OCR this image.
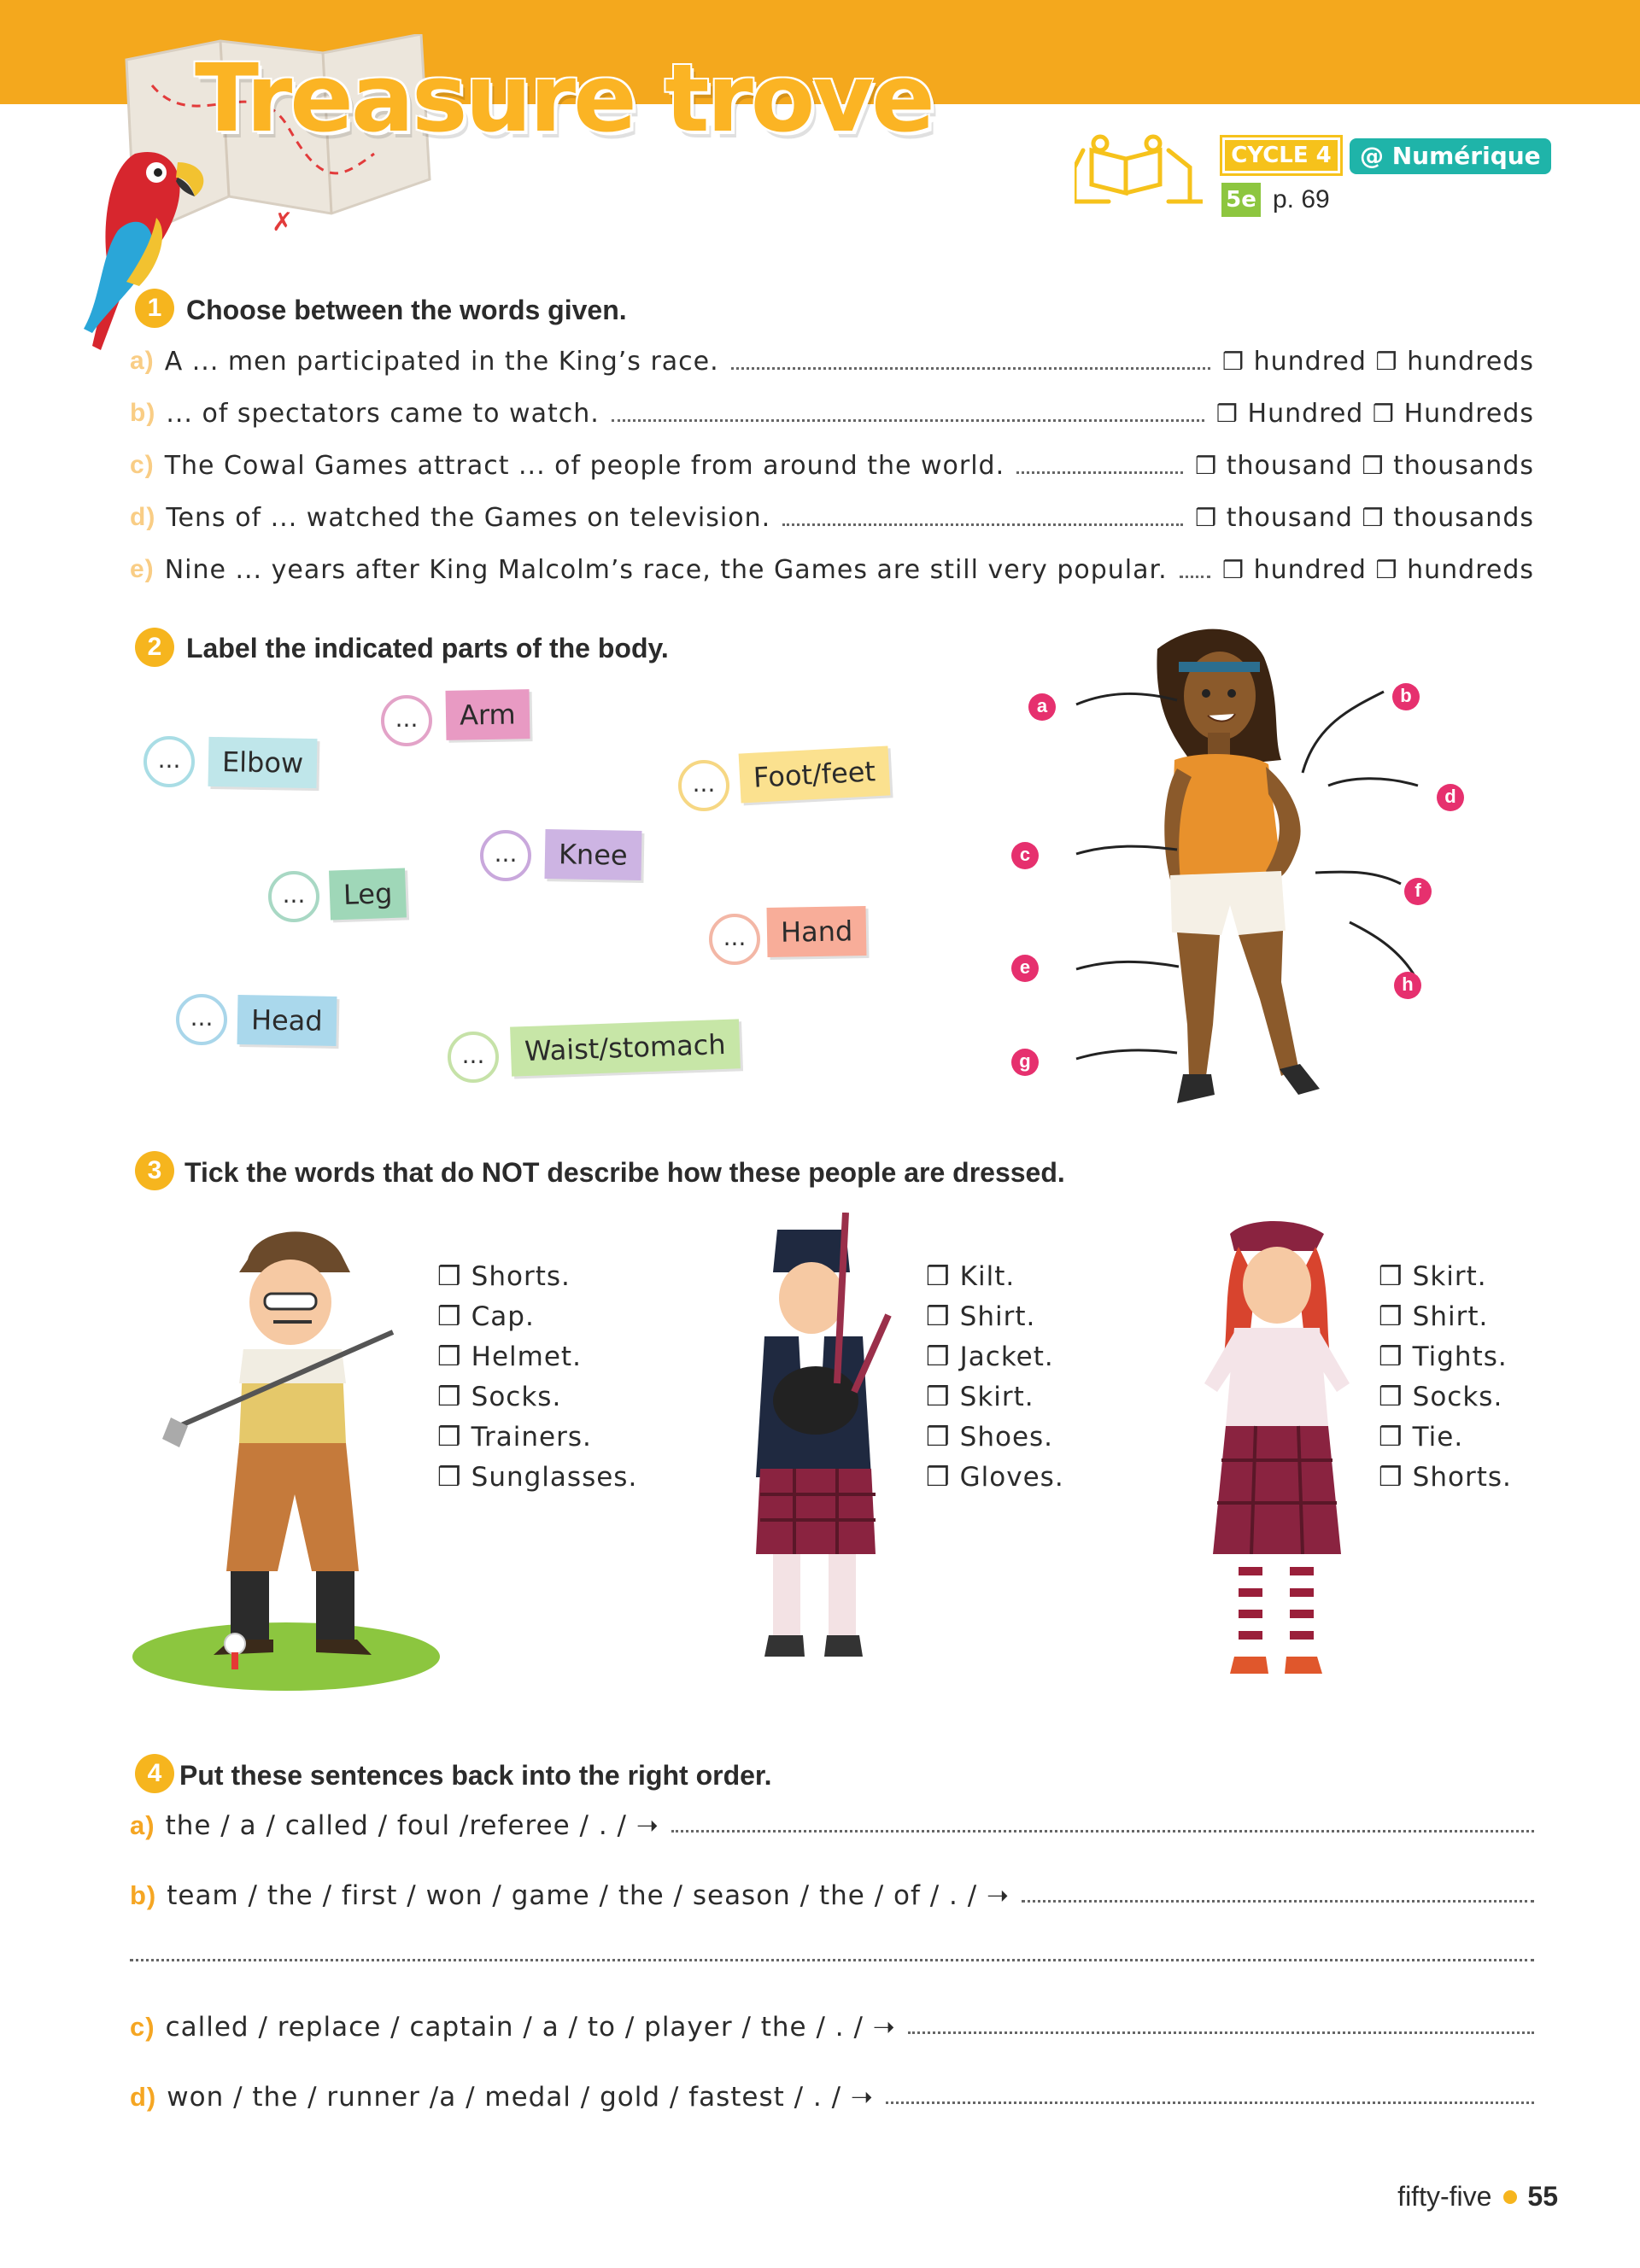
✗
Treasure trove
CYCLE 4	@ Numérique
5e p. 69
1 Choose between the words given.
a) A ... men participated in the King’s race.	❒ hundred ❒ hundreds
b) ... of spectators came to watch.	❒ Hundred ❒ Hundreds
c) The Cowal Games attract ... of people from around the world.	❒ thousand ❒ thousands
d) Tens of ... watched the Games on television.	❒ thousand ❒ thousands
e) Nine ... years after King Malcolm’s race, the Games are still very popular. ❒ hundred ❒ hundreds
2 Label the indicated parts of the body.
...	Arm
...	Elbow
...	Foot/feet
...	Knee
...	Leg
...	Hand
...	Head
...	Waist/stomach
a	b
c
d
e
f
g
h
3 Tick the words that do NOT describe how these people are dressed.
❒ Shorts.
❒ Cap.
❒ Helmet.
❒ Socks.
❒ Trainers.
❒ Sunglasses.
❒ Kilt.
❒ Shirt.
❒ Jacket.
❒ Skirt.
❒ Shoes.
❒ Gloves.
❒ Skirt.
❒ Shirt.
❒ Tights.
❒ Socks.
❒ Tie.
❒ Shorts.
4 Put these sentences back into the right order.
a) the / a / called / foul /referee / . / ➝
b) team / the / first / won / game / the / season / the / of / . / ➝
c) called / replace / captain / a / to / player / the / . / ➝
d) won / the / runner /a / medal / gold / fastest / . / ➝
fifty-five 55
